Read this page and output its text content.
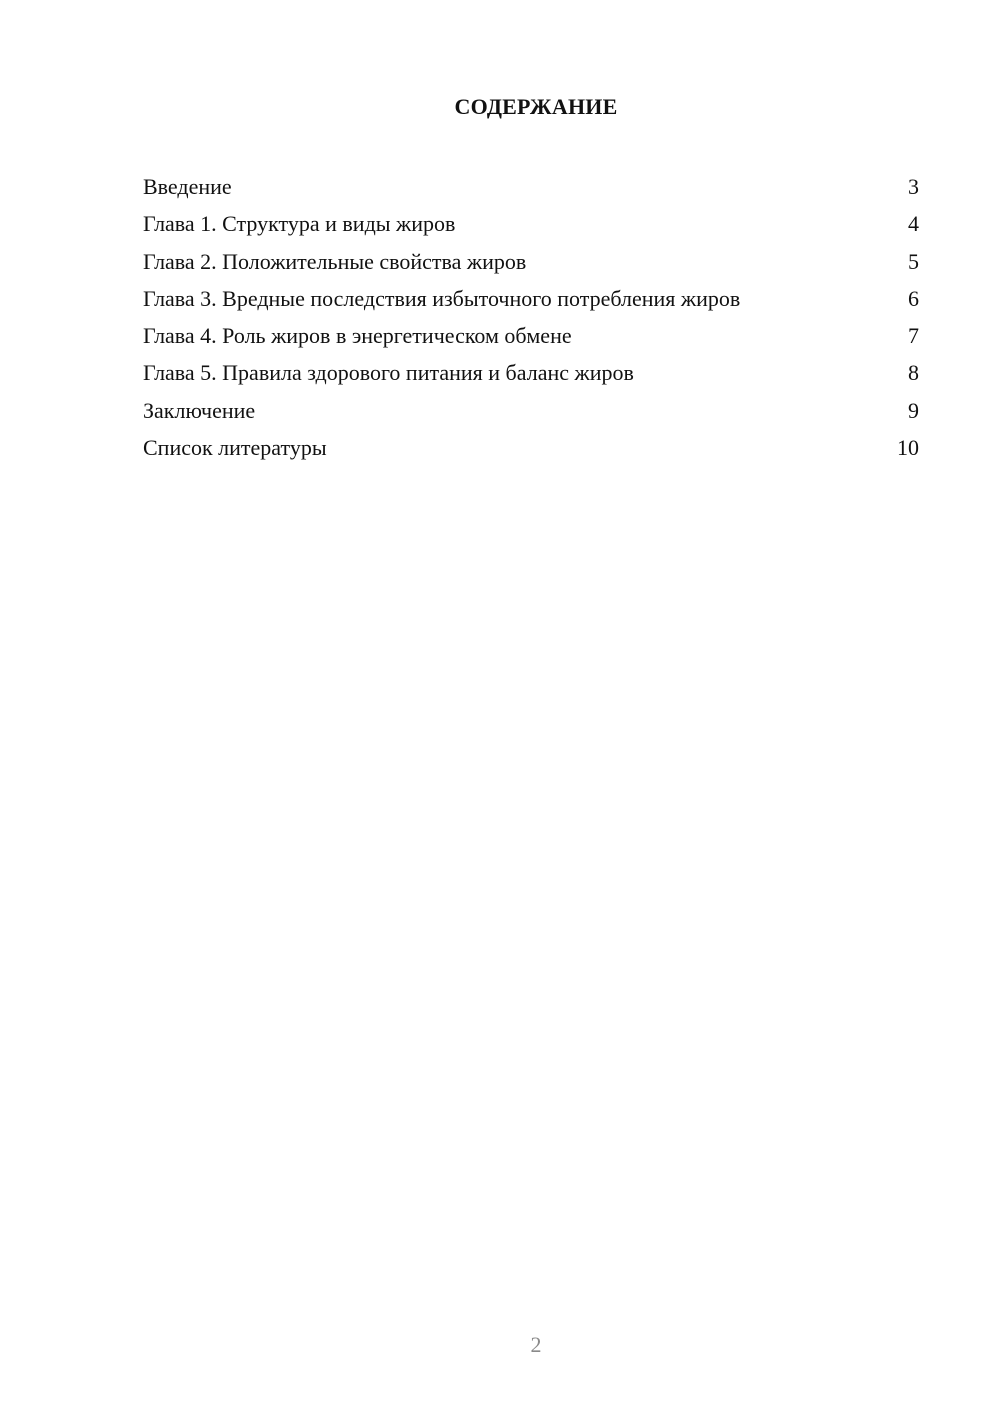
СОДЕРЖАНИЕ
Введение	3
Глава 1. Структура и виды жиров	4
Глава 2. Положительные свойства жиров	5
Глава 3. Вредные последствия избыточного потребления жиров	6
Глава 4. Роль жиров в энергетическом обмене	7
Глава 5. Правила здорового питания и баланс жиров	8
Заключение	9
Список литературы	10
2
